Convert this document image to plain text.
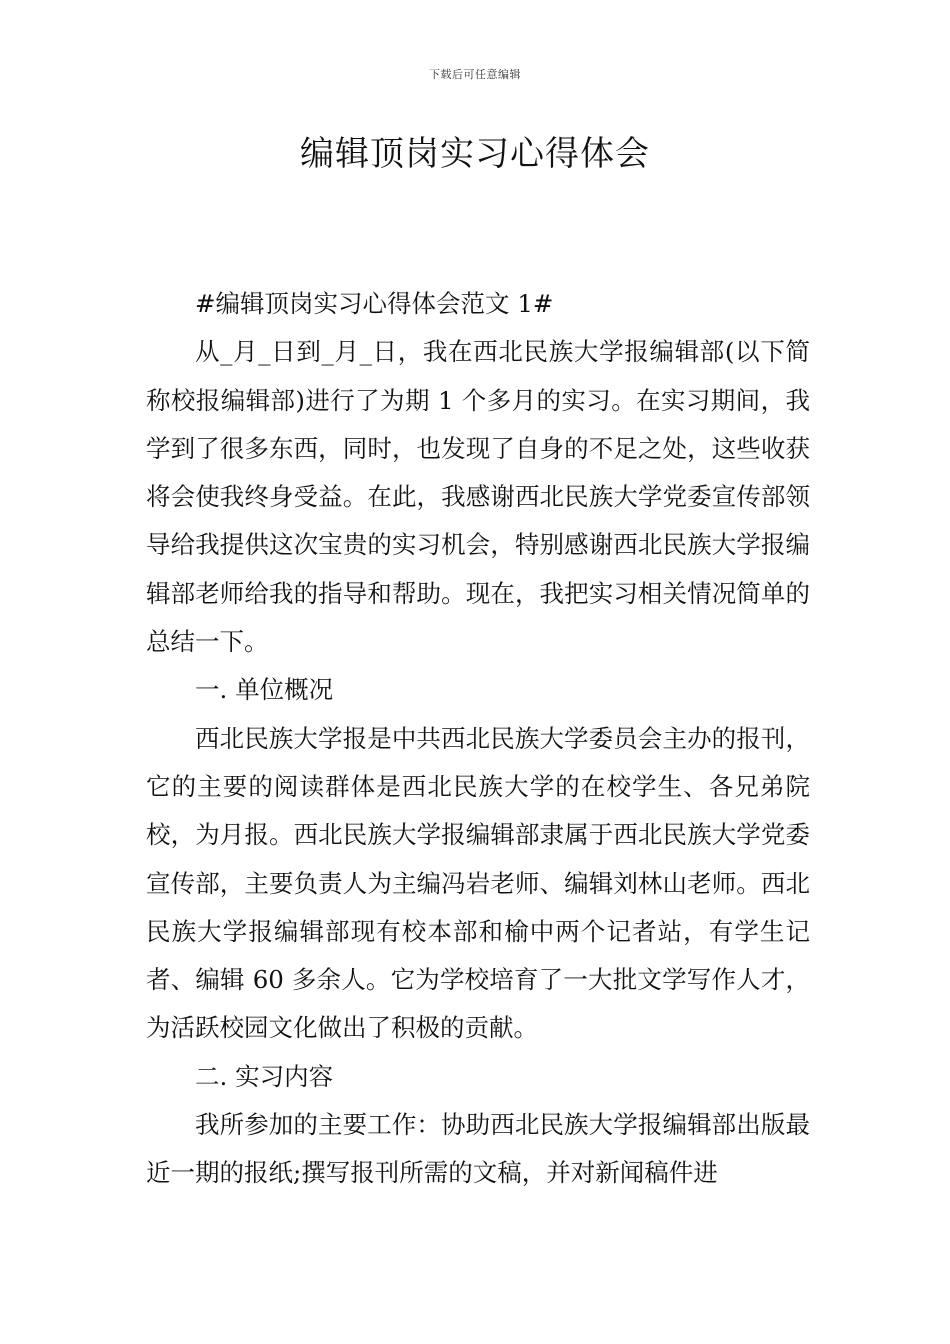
下载后可任意编辑
编辑顶岗实习心得体会

#编辑顶岗实习心得体会范文 1#

从_月_日到_月_日，我在西北民族大学报编辑部(以下简称校报编辑部)进行了为期 1 个多月的实习。在实习期间，我学到了很多东西，同时，也发现了自身的不足之处，这些收获将会使我终身受益。在此，我感谢西北民族大学党委宣传部领导给我提供这次宝贵的实习机会，特别感谢西北民族大学报编辑部老师给我的指导和帮助。现在，我把实习相关情况简单的总结一下。

一. 单位概况

西北民族大学报是中共西北民族大学委员会主办的报刊，它的主要的阅读群体是西北民族大学的在校学生、各兄弟院校，为月报。西北民族大学报编辑部隶属于西北民族大学党委宣传部，主要负责人为主编冯岩老师、编辑刘林山老师。西北民族大学报编辑部现有校本部和榆中两个记者站，有学生记者、编辑 60 多余人。它为学校培育了一大批文学写作人才，为活跃校园文化做出了积极的贡献。

二. 实习内容

我所参加的主要工作：协助西北民族大学报编辑部出版最近一期的报纸;撰写报刊所需的文稿，并对新闻稿件进
